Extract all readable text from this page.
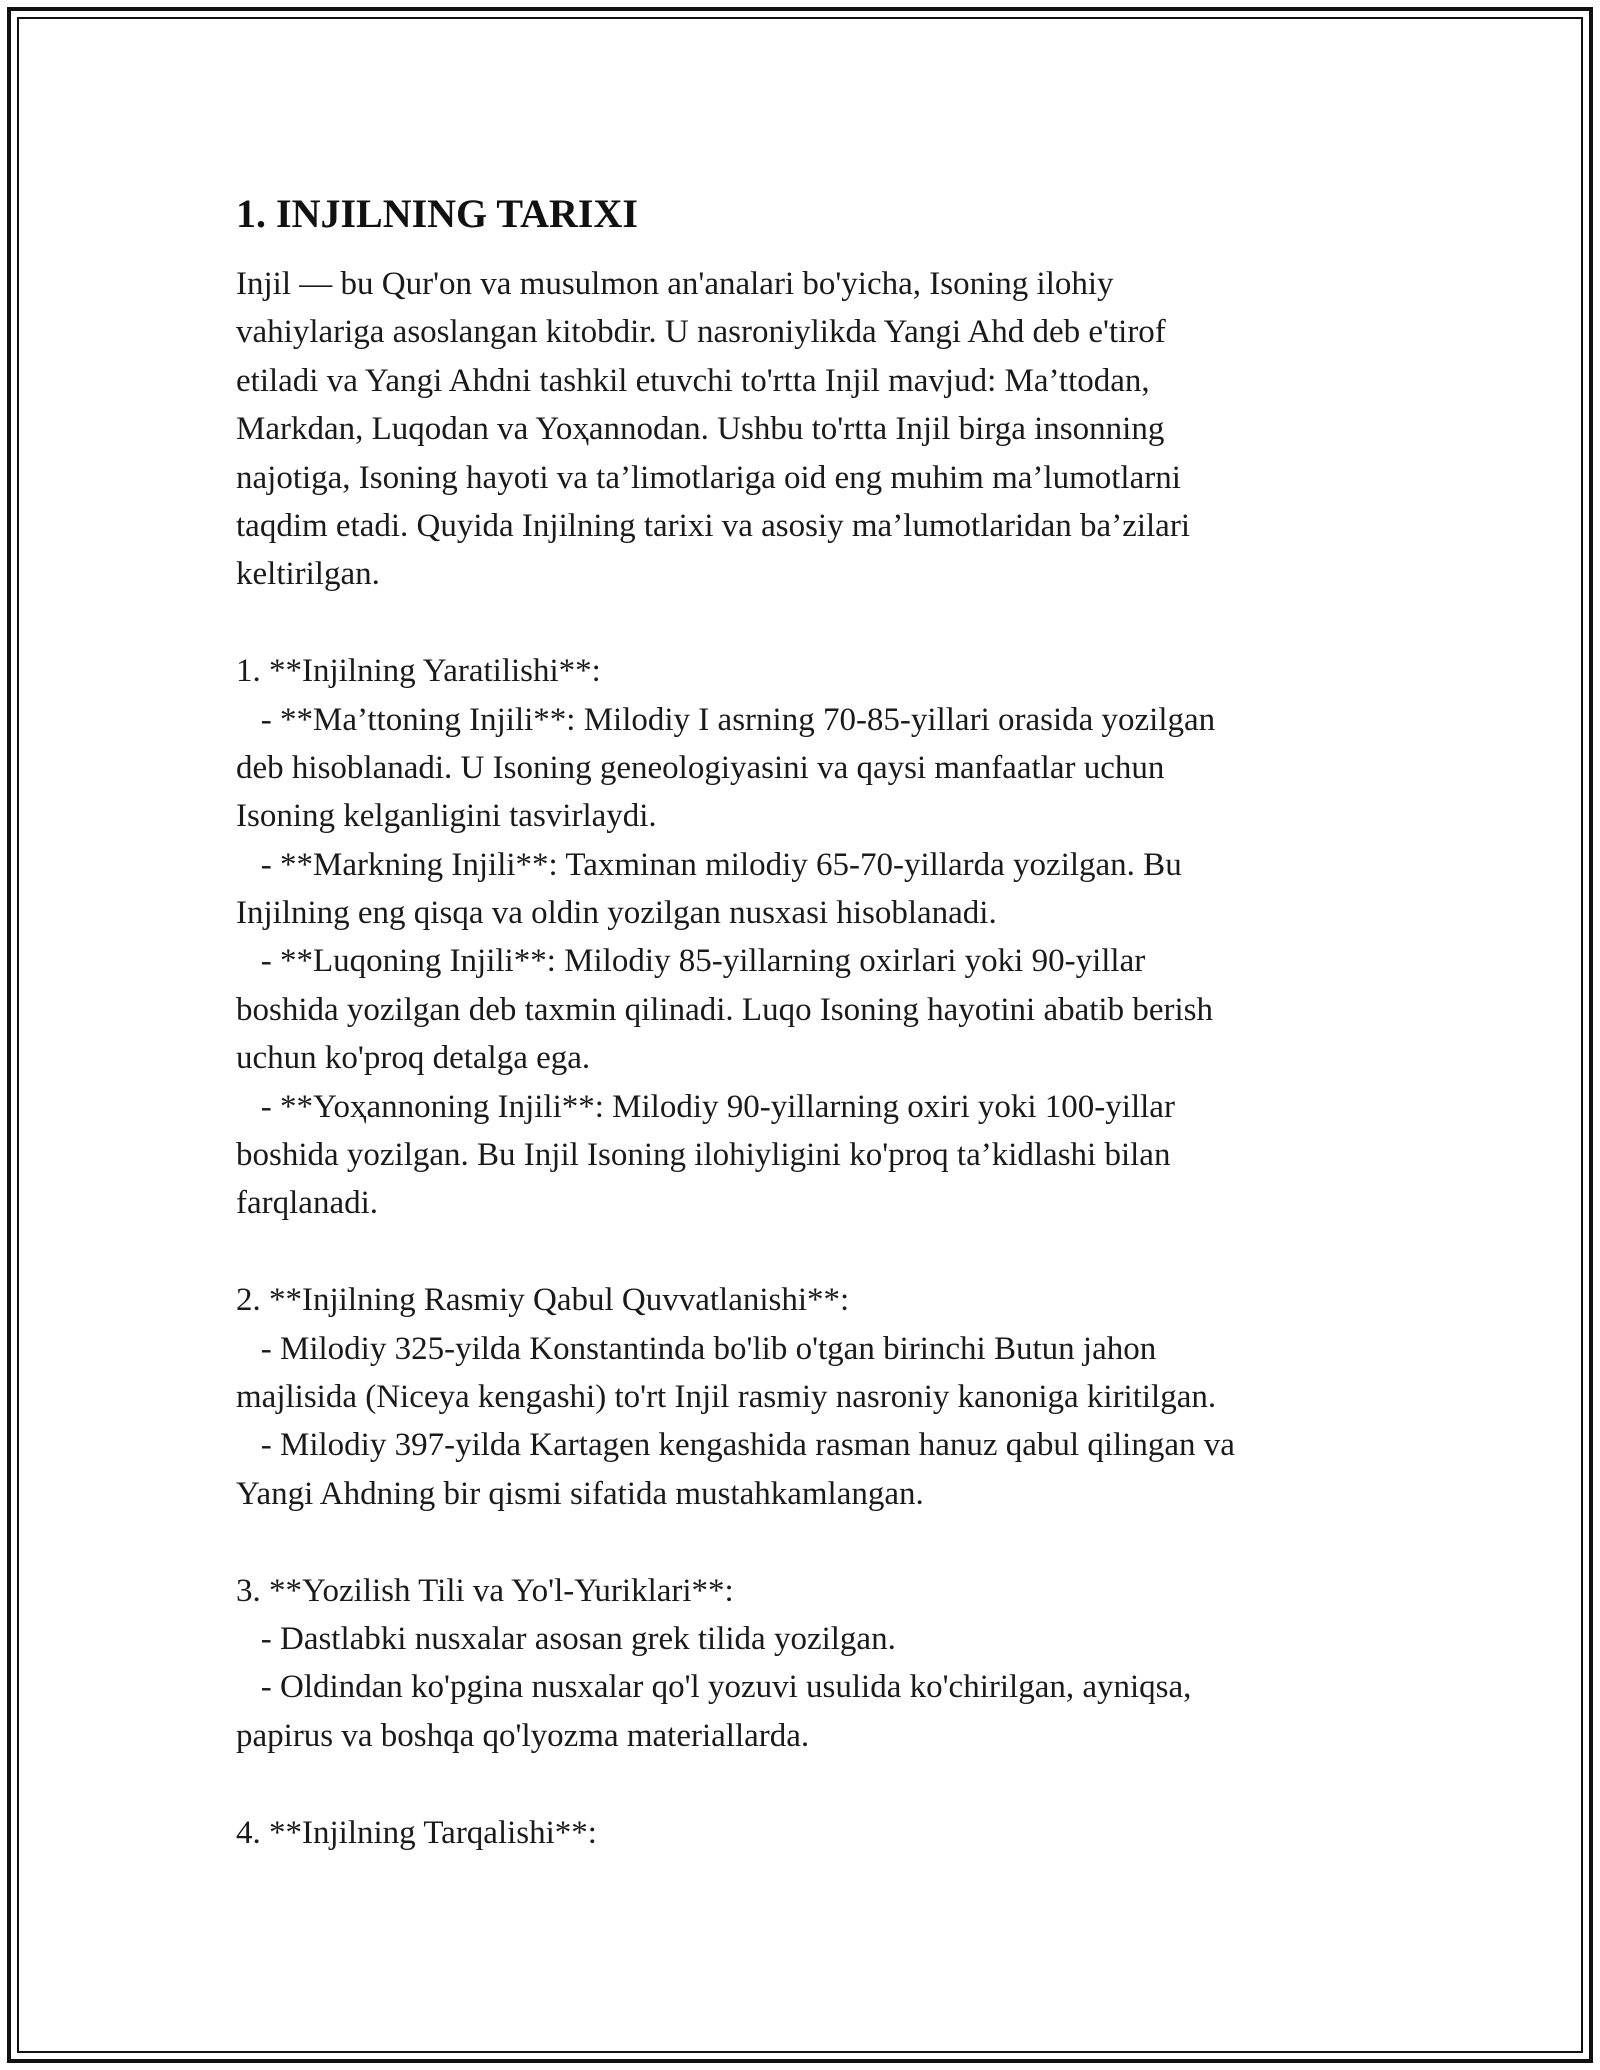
1. INJILNING TARIXI
Injil — bu Qur'on va musulmon an'analari bo'yicha, Isoning ilohiy
vahiylariga asoslangan kitobdir. U nasroniylikda Yangi Ahd deb e'tirof
etiladi va Yangi Ahdni tashkil etuvchi to'rtta Injil mavjud: Ma’ttodan,
Markdan, Luqodan va Yoҳannodan. Ushbu to'rtta Injil birga insonning
najotiga, Isoning hayoti va ta’limotlariga oid eng muhim ma’lumotlarni
taqdim etadi. Quyida Injilning tarixi va asosiy ma’lumotlaridan ba’zilari
keltirilgan.
1. **Injilning Yaratilishi**:
- **Ma’ttoning Injili**: Milodiy I asrning 70-85-yillari orasida yozilgan
deb hisoblanadi. U Isoning geneologiyasini va qaysi manfaatlar uchun
Isoning kelganligini tasvirlaydi.
- **Markning Injili**: Taxminan milodiy 65-70-yillarda yozilgan. Bu
Injilning eng qisqa va oldin yozilgan nusxasi hisoblanadi.
- **Luqoning Injili**: Milodiy 85-yillarning oxirlari yoki 90-yillar
boshida yozilgan deb taxmin qilinadi. Luqo Isoning hayotini abatib berish
uchun ko'proq detalga ega.
- **Yoҳannoning Injili**: Milodiy 90-yillarning oxiri yoki 100-yillar
boshida yozilgan. Bu Injil Isoning ilohiyligini ko'proq ta’kidlashi bilan
farqlanadi.
2. **Injilning Rasmiy Qabul Quvvatlanishi**:
- Milodiy 325-yilda Konstantinda bo'lib o'tgan birinchi Butun jahon
majlisida (Niceya kengashi) to'rt Injil rasmiy nasroniy kanoniga kiritilgan.
- Milodiy 397-yilda Kartagen kengashida rasman hanuz qabul qilingan va
Yangi Ahdning bir qismi sifatida mustahkamlangan.
3. **Yozilish Tili va Yo'l-Yuriklari**:
- Dastlabki nusxalar asosan grek tilida yozilgan.
- Oldindan ko'pgina nusxalar qo'l yozuvi usulida ko'chirilgan, ayniqsa,
papirus va boshqa qo'lyozma materiallarda.
4. **Injilning Tarqalishi**:
